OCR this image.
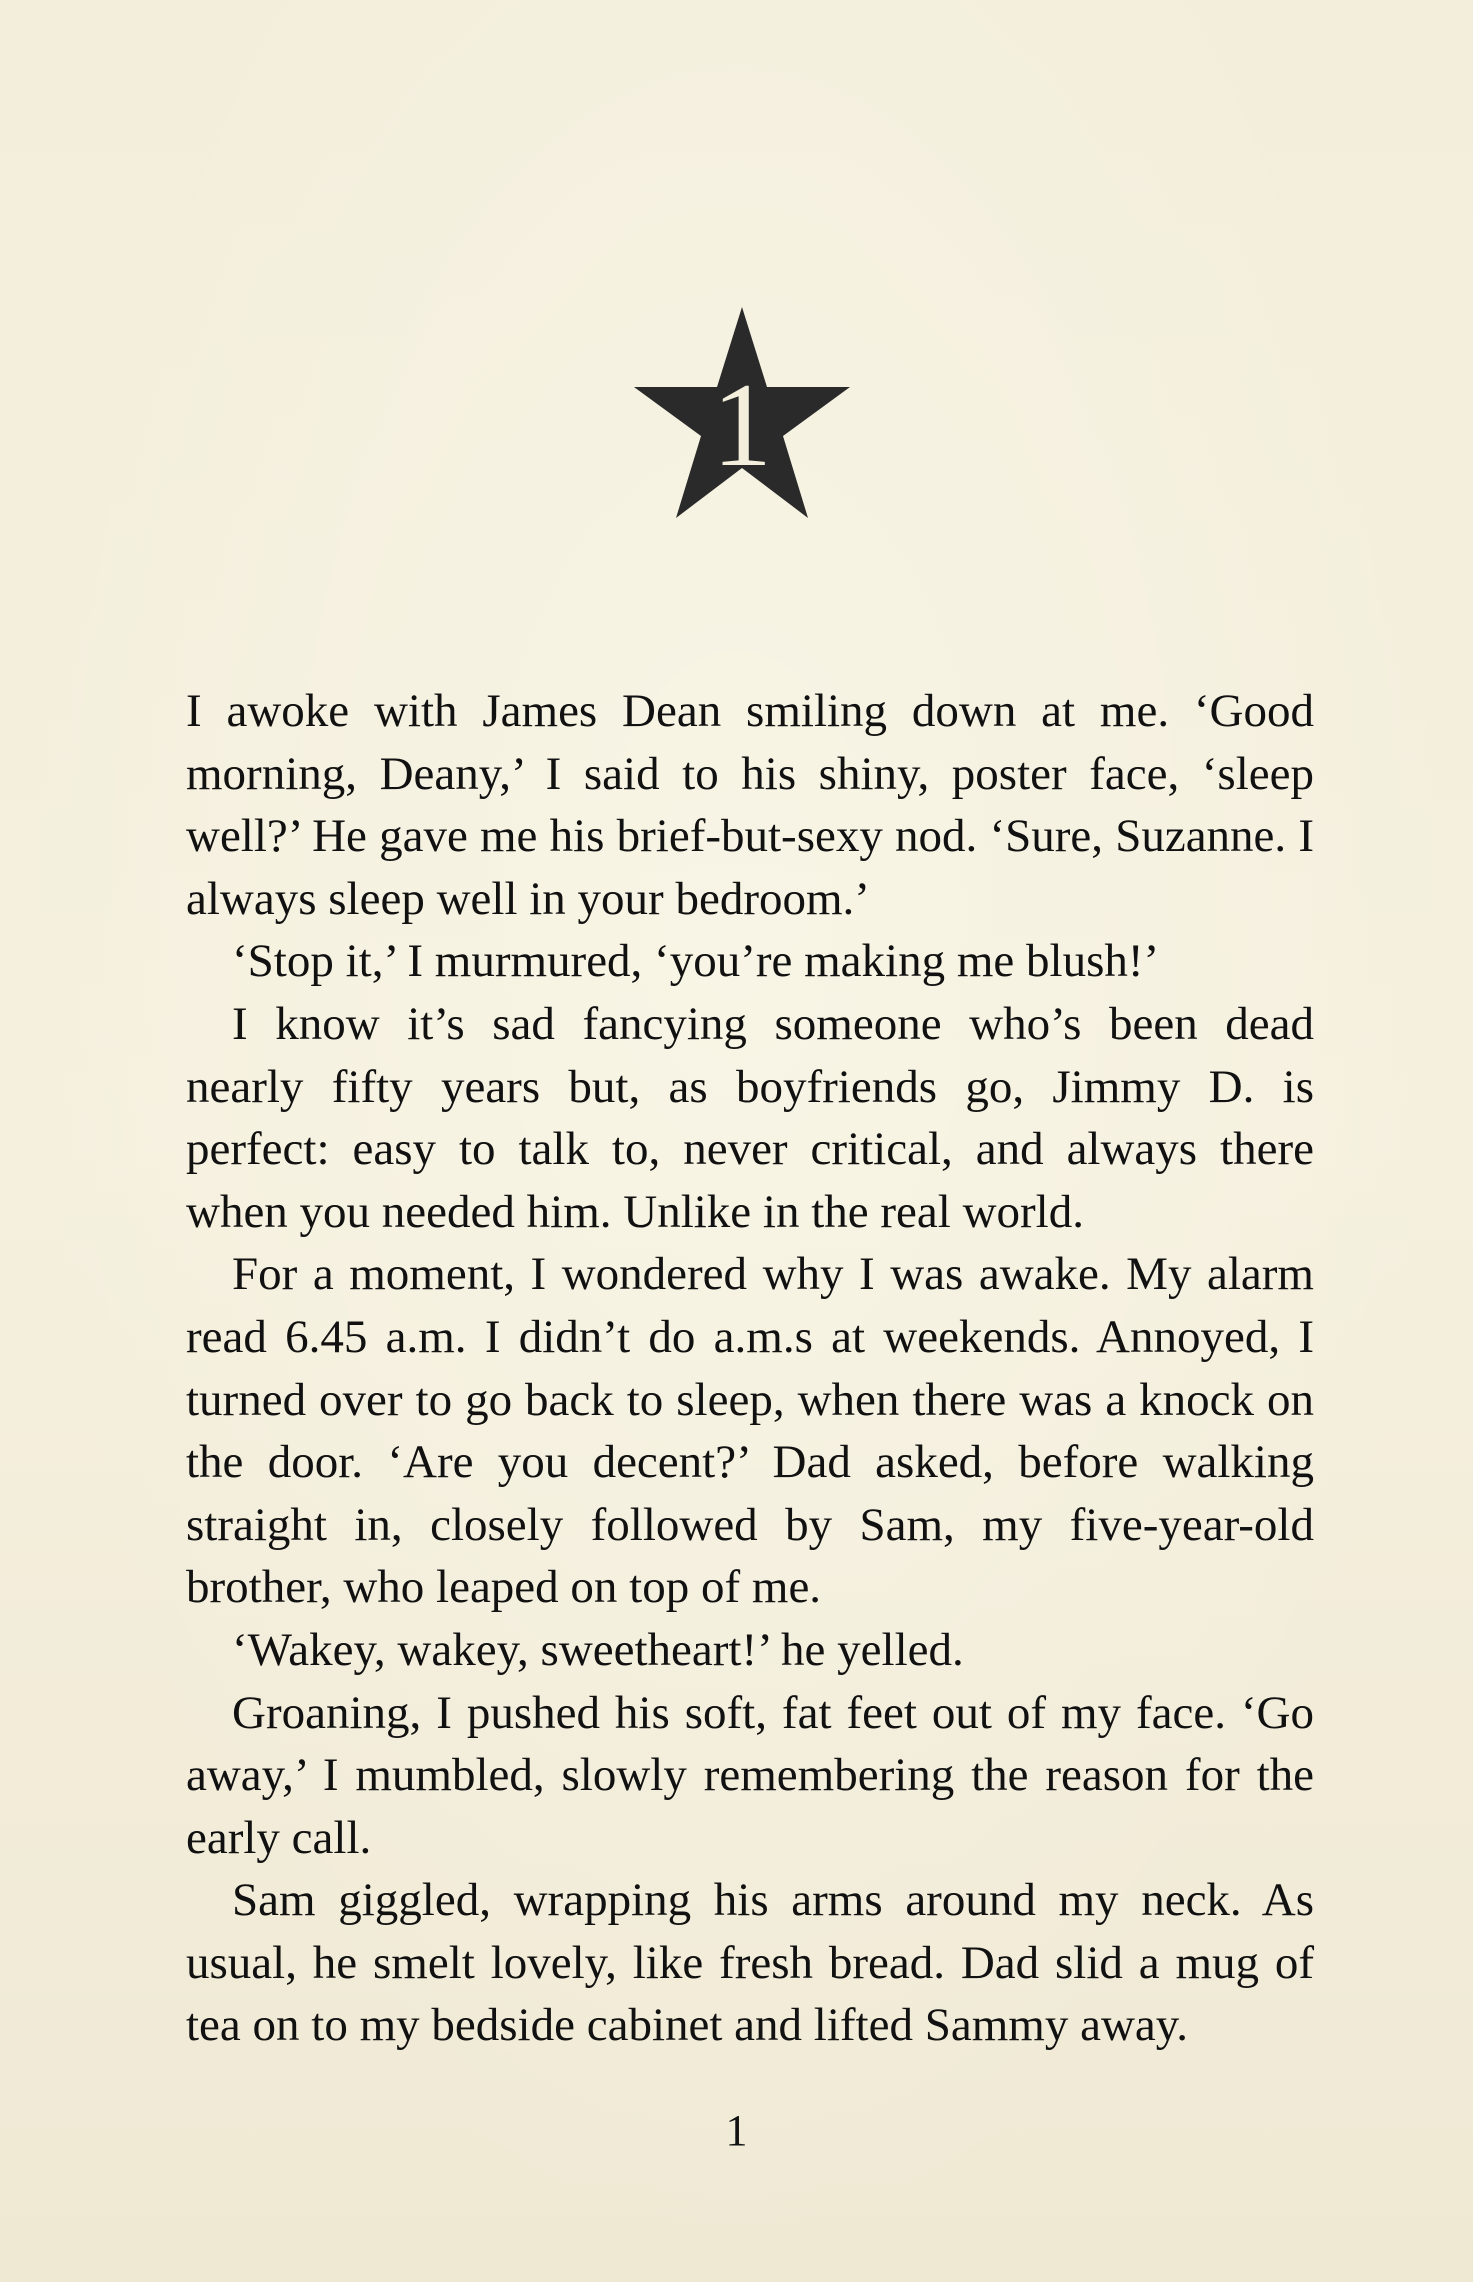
1

I awoke with James Dean smiling down at me. ‘Good morning, Deany,’ I said to his shiny, poster face, ‘sleep well?’ He gave me his brief-but-sexy nod. ‘Sure, Suzanne. I always sleep well in your bedroom.’

‘Stop it,’ I murmured, ‘you’re making me blush!’

I know it’s sad fancying someone who’s been dead nearly fifty years but, as boyfriends go, Jimmy D. is perfect: easy to talk to, never critical, and always there when you needed him. Unlike in the real world.

For a moment, I wondered why I was awake. My alarm read 6.45 a.m. I didn’t do a.m.s at weekends. Annoyed, I turned over to go back to sleep, when there was a knock on the door. ‘Are you decent?’ Dad asked, before walking straight in, closely followed by Sam, my five-year-old brother, who leaped on top of me.

‘Wakey, wakey, sweetheart!’ he yelled.

Groaning, I pushed his soft, fat feet out of my face. ‘Go away,’ I mumbled, slowly remembering the reason for the early call.

Sam giggled, wrapping his arms around my neck. As usual, he smelt lovely, like fresh bread. Dad slid a mug of tea on to my bedside cabinet and lifted Sammy away.

1
